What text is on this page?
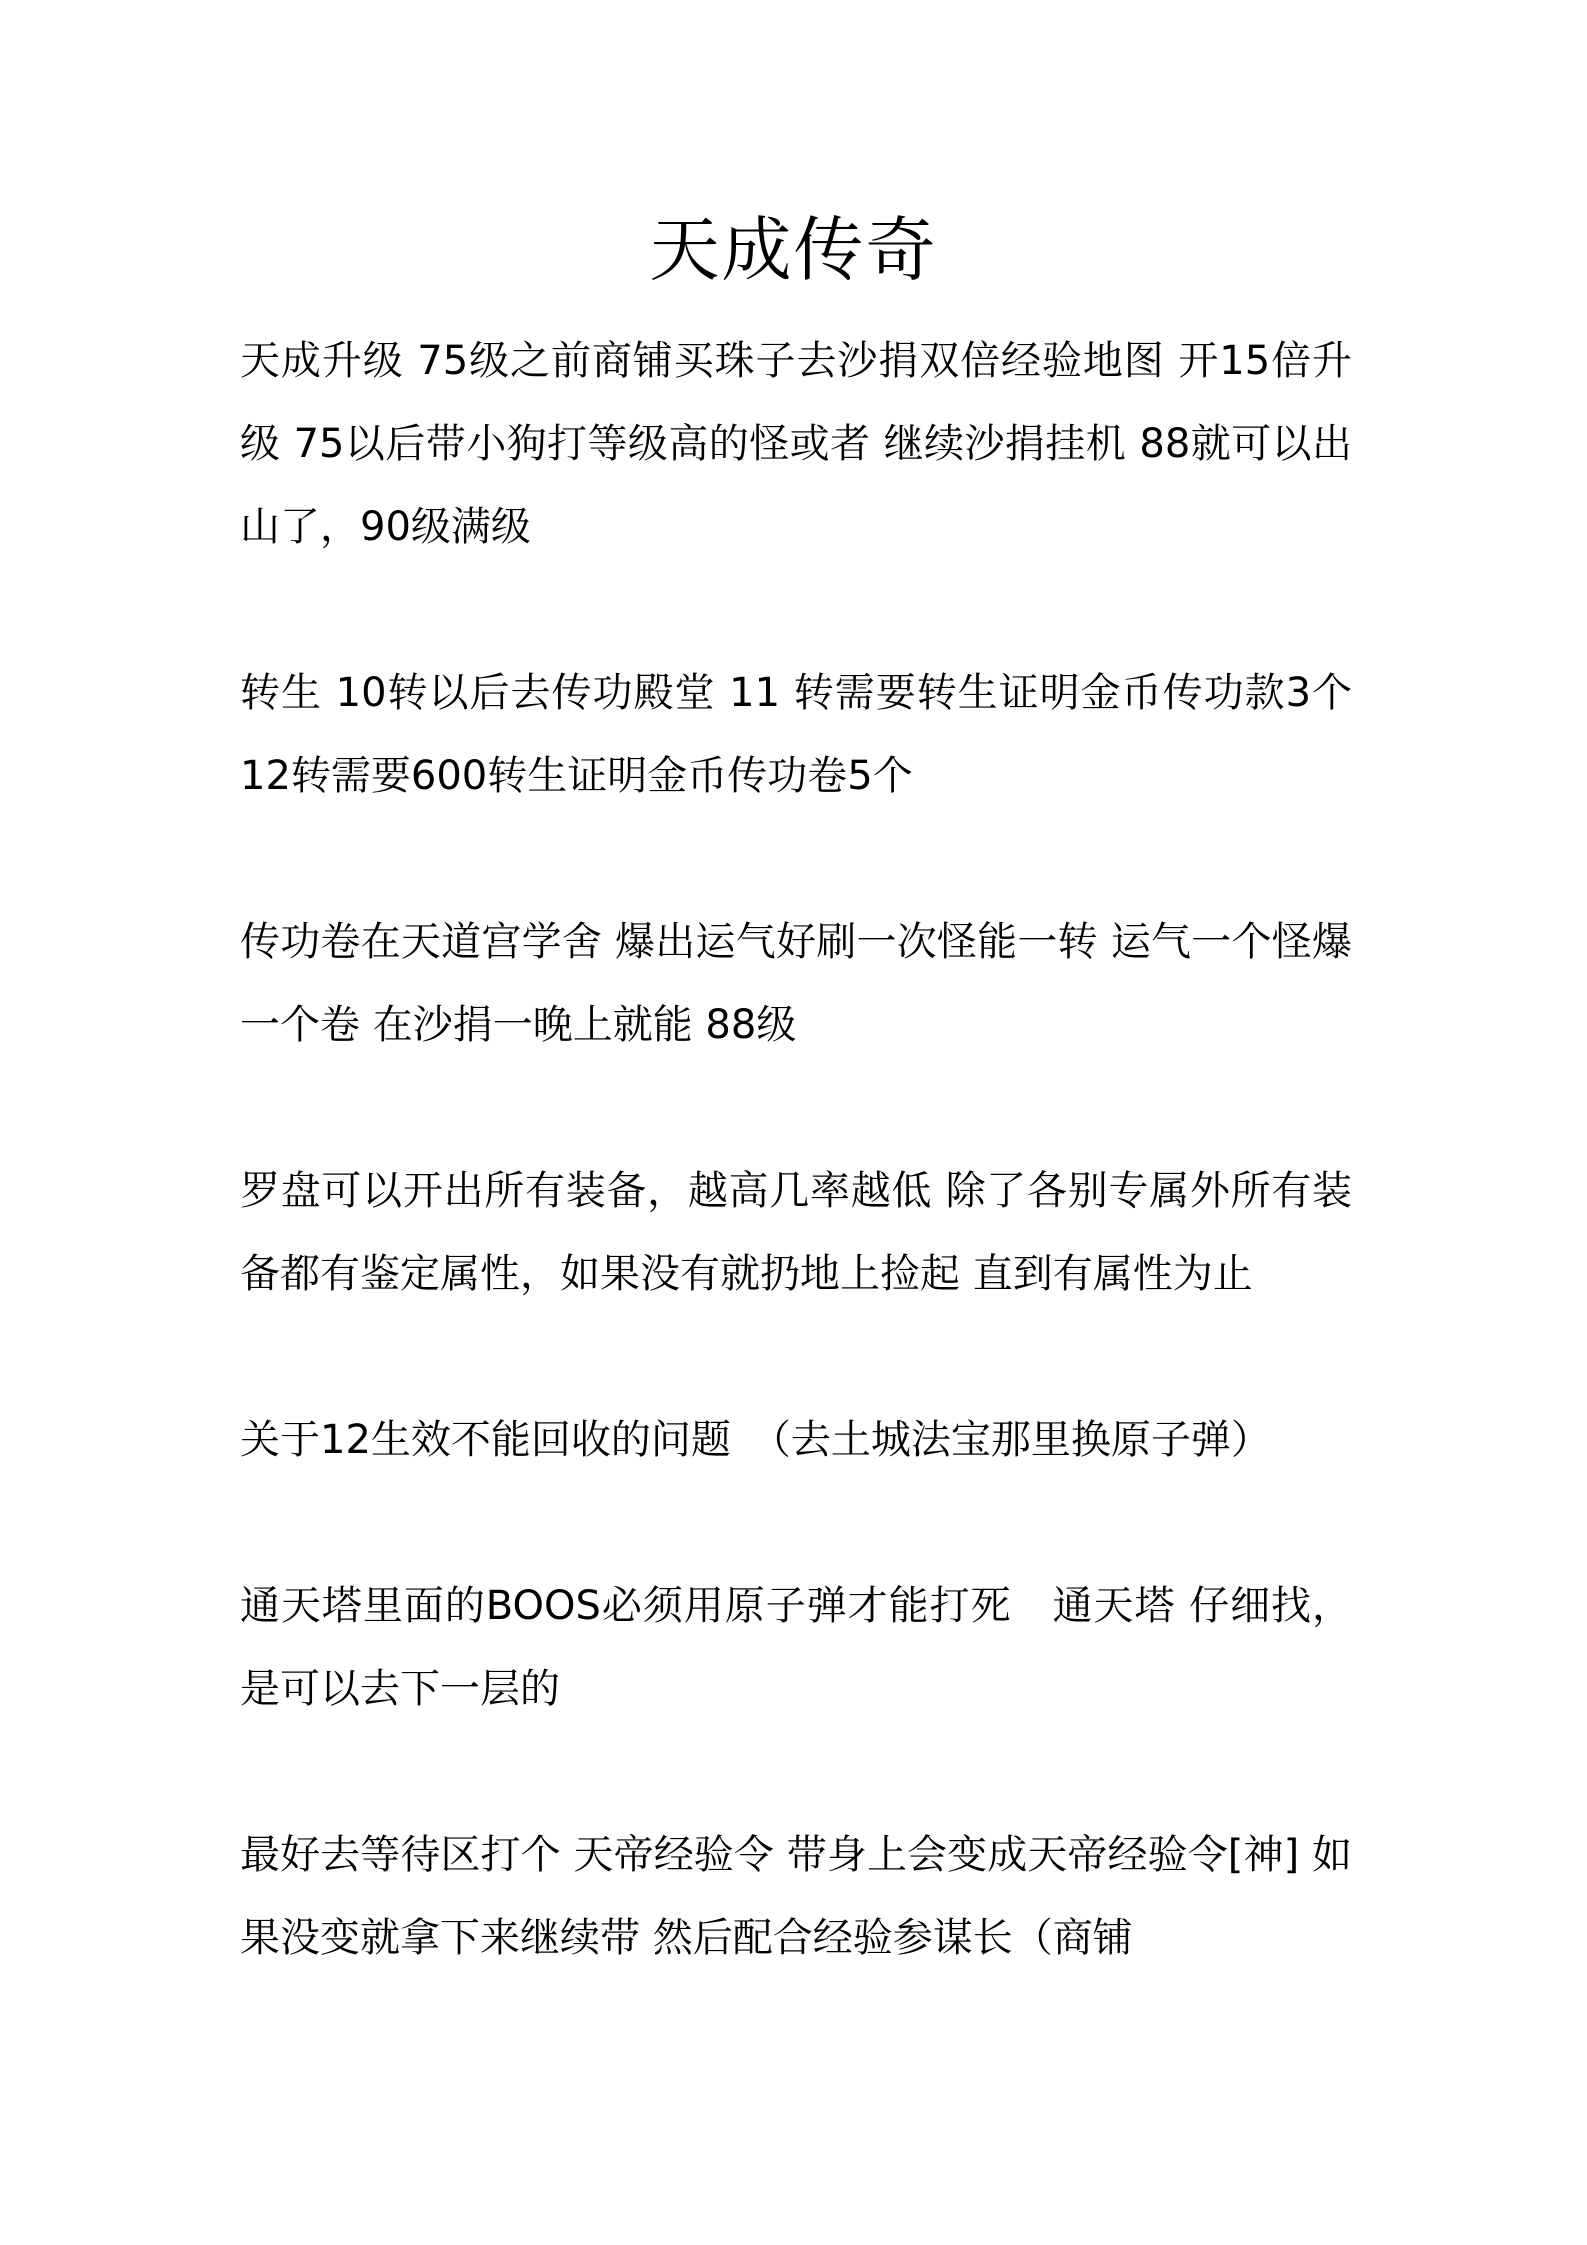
天成传奇

天成升级 75级之前商铺买珠子去沙捐双倍经验地图 开15倍升级 75以后带小狗打等级高的怪或者 继续沙捐挂机 88就可以出山了，90级满级

转生 10转以后去传功殿堂 11 转需要转生证明金币传功款3个 12转需要600转生证明金币传功卷5个

传功卷在天道宫学舍 爆出运气好刷一次怪能一转 运气一个怪爆一个卷 在沙捐一晚上就能 88级

罗盘可以开出所有装备，越高几率越低 除了各别专属外所有装备都有鉴定属性，如果没有就扔地上捡起 直到有属性为止

关于12生效不能回收的问题　（去土城法宝那里换原子弹）

通天塔里面的BOOS必须用原子弹才能打死　通天塔 仔细找，是可以去下一层的

最好去等待区打个 天帝经验令 带身上会变成天帝经验令[神] 如果没变就拿下来继续带 然后配合经验参谋长（商铺
